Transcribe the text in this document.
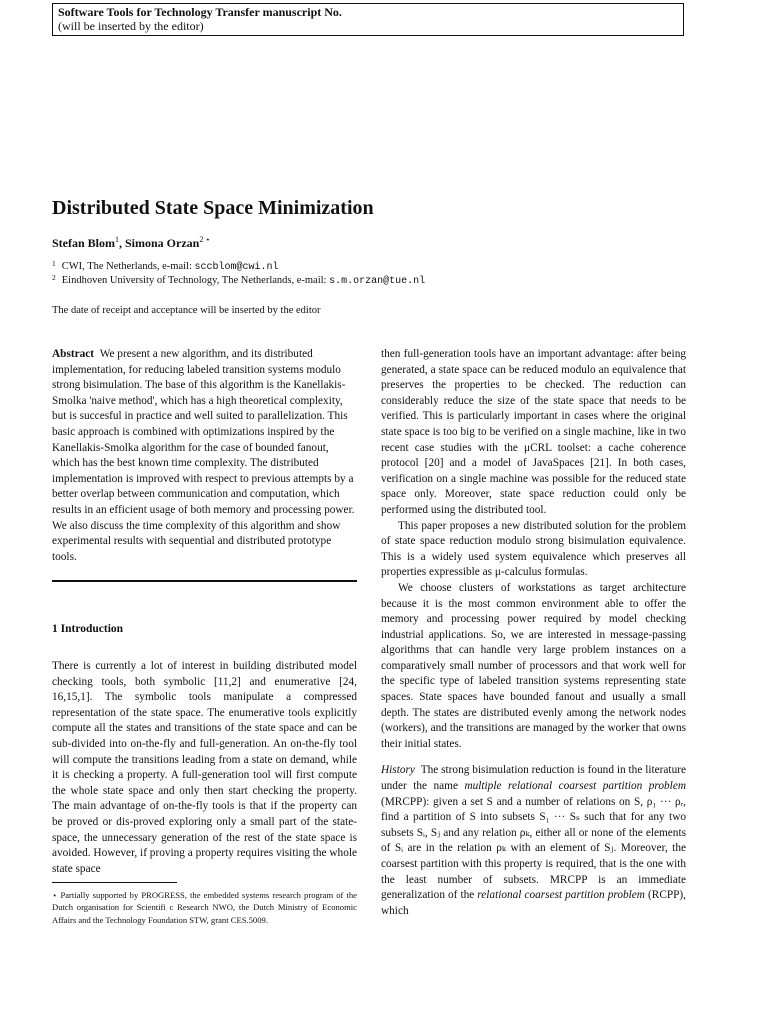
Software Tools for Technology Transfer manuscript No.
(will be inserted by the editor)
Distributed State Space Minimization
Stefan Blom$^1$, Simona Orzan$^{2 ⋆}$
$^1$ CWI, The Netherlands, e-mail: sccblom@cwi.nl
$^2$ Eindhoven University of Technology, The Netherlands, e-mail: s.m.orzan@tue.nl
The date of receipt and acceptance will be inserted by the editor

Abstract We present a new algorithm, and its distributed implementation, for reducing labeled transition systems modulo strong bisimulation. The base of this algorithm is the Kanellakis-Smolka 'naive method', which has a high theoretical complexity, but is succesful in practice and well suited to parallelization. This basic approach is combined with optimizations inspired by the Kanellakis-Smolka algorithm for the case of bounded fanout, which has the best known time complexity. The distributed implementation is improved with respect to previous attempts by a better overlap between communication and computation, which results in an efficient usage of both memory and processing power. We also discuss the time complexity of this algorithm and show experimental results with sequential and distributed prototype tools.

1 Introduction

There is currently a lot of interest in building distributed model checking tools, both symbolic [11,2] and enumerative [24, 16,15,1]. The symbolic tools manipulate a compressed representation of the state space. The enumerative tools explicitly compute all the states and transitions of the state space and can be sub-divided into on-the-fly and full-generation. An on-the-fly tool will compute the transitions leading from a state on demand, while it is checking a property. A full-generation tool will first compute the whole state space and only then start checking the property. The main advantage of on-the-fly tools is that if the property can be proved or dis-proved exploring only a small part of the state-space, the unnecessary generation of the rest of the state space is avoided. However, if proving a property requires visiting the whole state space

⋆ Partially supported by PROGRESS, the embedded systems research program of the Dutch organisation for Scientifi c Research NWO, the Dutch Ministry of Economic Affairs and the Technology Foundation STW, grant CES.5009.

then full-generation tools have an important advantage: after being generated, a state space can be reduced modulo an equivalence that preserves the properties to be checked. The reduction can considerably reduce the size of the state space that needs to be verified. This is particularly important in cases where the original state space is too big to be verified on a single machine, like in two recent case studies with the μCRL toolset: a cache coherence protocol [20] and a model of JavaSpaces [21]. In both cases, verification on a single machine was possible for the reduced state space only. Moreover, state space reduction could only be performed using the distributed tool.

This paper proposes a new distributed solution for the problem of state space reduction modulo strong bisimulation equivalence. This is a widely used system equivalence which preserves all properties expressible as μ-calculus formulas.

We choose clusters of workstations as target architecture because it is the most common environment able to offer the memory and processing power required by model checking industrial applications. So, we are interested in message-passing algorithms that can handle very large problem instances on a comparatively small number of processors and that work well for the specific type of labeled transition systems representing state spaces. State spaces have bounded fanout and usually a small depth. The states are distributed evenly among the network nodes (workers), and the transitions are managed by the worker that owns their initial states.

History The strong bisimulation reduction is found in the literature under the name multiple relational coarsest partition problem (MRCPP): given a set S and a number of relations on S, ρ₁ ··· ρᵣ, find a partition of S into subsets S₁ ··· Sₛ such that for any two subsets Sᵢ, Sⱼ and any relation ρₖ, either all or none of the elements of Sᵢ are in the relation ρₖ with an element of Sⱼ. Moreover, the coarsest partition with this property is required, that is the one with the least number of subsets. MRCPP is an immediate generalization of the relational coarsest partition problem (RCPP), which
